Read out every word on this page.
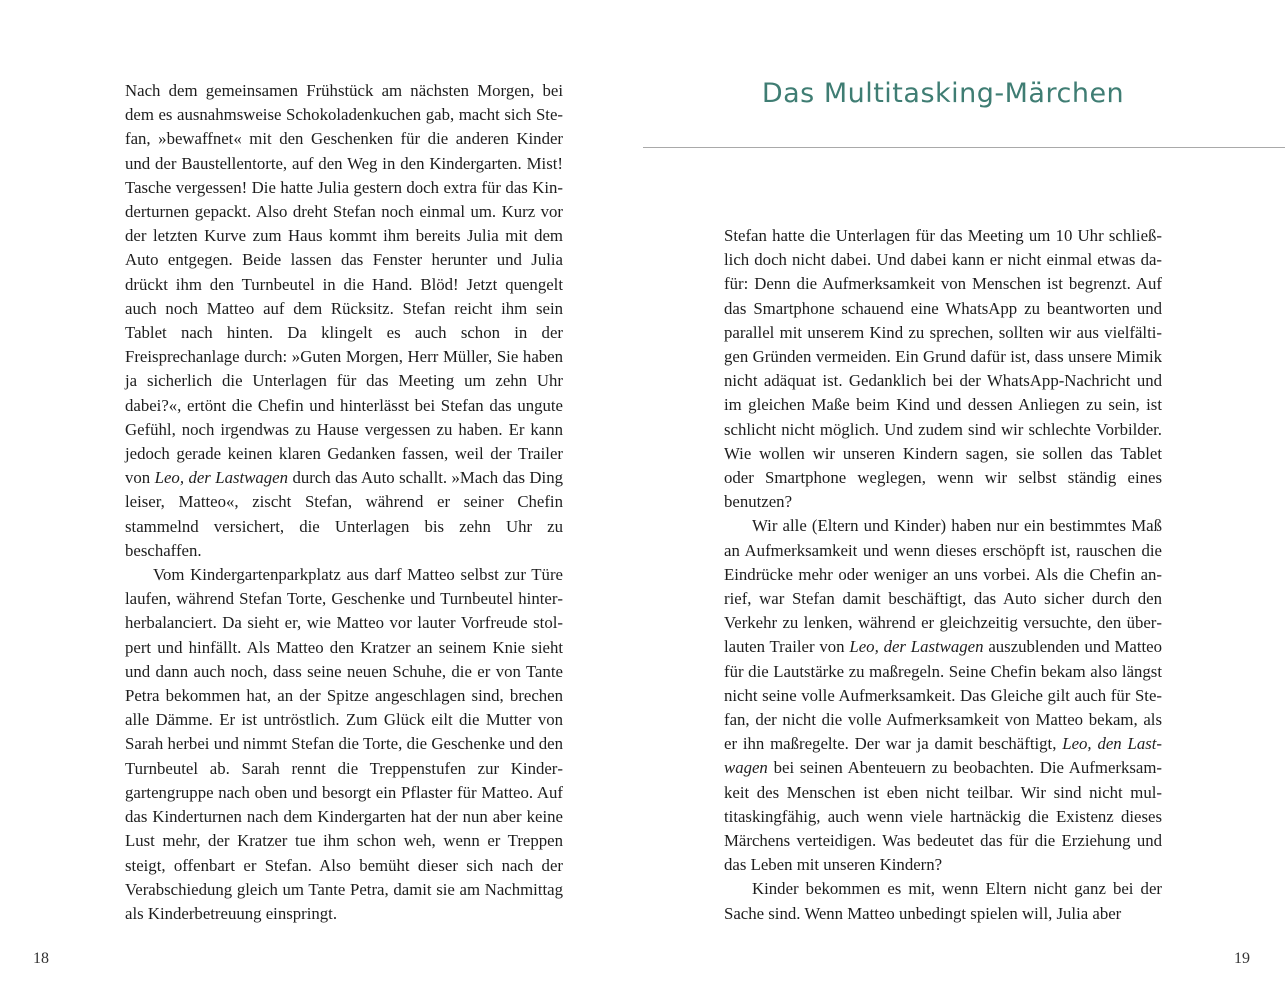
Nach dem gemeinsamen Frühstück am nächsten Morgen, bei dem es ausnahmsweise Schokoladenkuchen gab, macht sich Stefan, »bewaffnet« mit den Geschenken für die anderen Kinder und der Baustellentorte, auf den Weg in den Kindergarten. Mist! Tasche vergessen! Die hatte Julia gestern doch extra für das Kinderturnen gepackt. Also dreht Stefan noch einmal um. Kurz vor der letzten Kurve zum Haus kommt ihm bereits Julia mit dem Auto entgegen. Beide lassen das Fenster herunter und Julia drückt ihm den Turnbeutel in die Hand. Blöd! Jetzt quengelt auch noch Matteo auf dem Rücksitz. Stefan reicht ihm sein Tablet nach hinten. Da klingelt es auch schon in der Freisprechanlage durch: »Guten Morgen, Herr Müller, Sie haben ja sicherlich die Unterlagen für das Meeting um zehn Uhr dabei?«, ertönt die Chefin und hinterlässt bei Stefan das ungute Gefühl, noch irgendwas zu Hause vergessen zu haben. Er kann jedoch gerade keinen klaren Gedanken fassen, weil der Trailer von Leo, der Lastwagen durch das Auto schallt. »Mach das Ding leiser, Matteo«, zischt Stefan, während er seiner Chefin stammelnd versichert, die Unterlagen bis zehn Uhr zu beschaffen.

Vom Kindergartenparkplatz aus darf Matteo selbst zur Türe laufen, während Stefan Torte, Geschenke und Turnbeutel hinterherbalanciert. Da sieht er, wie Matteo vor lauter Vorfreude stolpert und hinfällt. Als Matteo den Kratzer an seinem Knie sieht und dann auch noch, dass seine neuen Schuhe, die er von Tante Petra bekommen hat, an der Spitze angeschlagen sind, brechen alle Dämme. Er ist untröstlich. Zum Glück eilt die Mutter von Sarah herbei und nimmt Stefan die Torte, die Geschenke und den Turnbeutel ab. Sarah rennt die Treppenstufen zur Kindergartengruppe nach oben und besorgt ein Pflaster für Matteo. Auf das Kinderturnen nach dem Kindergarten hat der nun aber keine Lust mehr, der Kratzer tue ihm schon weh, wenn er Treppen steigt, offenbart er Stefan. Also bemüht dieser sich nach der Verabschiedung gleich um Tante Petra, damit sie am Nachmittag als Kinderbetreuung einspringt.

18
Das Multitasking-Märchen

Stefan hatte die Unterlagen für das Meeting um 10 Uhr schließlich doch nicht dabei. Und dabei kann er nicht einmal etwas dafür: Denn die Aufmerksamkeit von Menschen ist begrenzt. Auf das Smartphone schauend eine WhatsApp zu beantworten und parallel mit unserem Kind zu sprechen, sollten wir aus vielfältigen Gründen vermeiden. Ein Grund dafür ist, dass unsere Mimik nicht adäquat ist. Gedanklich bei der WhatsApp-Nachricht und im gleichen Maße beim Kind und dessen Anliegen zu sein, ist schlicht nicht möglich. Und zudem sind wir schlechte Vorbilder. Wie wollen wir unseren Kindern sagen, sie sollen das Tablet oder Smartphone weglegen, wenn wir selbst ständig eines benutzen?

Wir alle (Eltern und Kinder) haben nur ein bestimmtes Maß an Aufmerksamkeit und wenn dieses erschöpft ist, rauschen die Eindrücke mehr oder weniger an uns vorbei. Als die Chefin anrief, war Stefan damit beschäftigt, das Auto sicher durch den Verkehr zu lenken, während er gleichzeitig versuchte, den überlauten Trailer von Leo, der Lastwagen auszublenden und Matteo für die Lautstärke zu maßregeln. Seine Chefin bekam also längst nicht seine volle Aufmerksamkeit. Das Gleiche gilt auch für Stefan, der nicht die volle Aufmerksamkeit von Matteo bekam, als er ihn maßregelte. Der war ja damit beschäftigt, Leo, den Lastwagen bei seinen Abenteuern zu beobachten. Die Aufmerksamkeit des Menschen ist eben nicht teilbar. Wir sind nicht multitaskingfähig, auch wenn viele hartnäckig die Existenz dieses Märchens verteidigen. Was bedeutet das für die Erziehung und das Leben mit unseren Kindern?

Kinder bekommen es mit, wenn Eltern nicht ganz bei der Sache sind. Wenn Matteo unbedingt spielen will, Julia aber

19
